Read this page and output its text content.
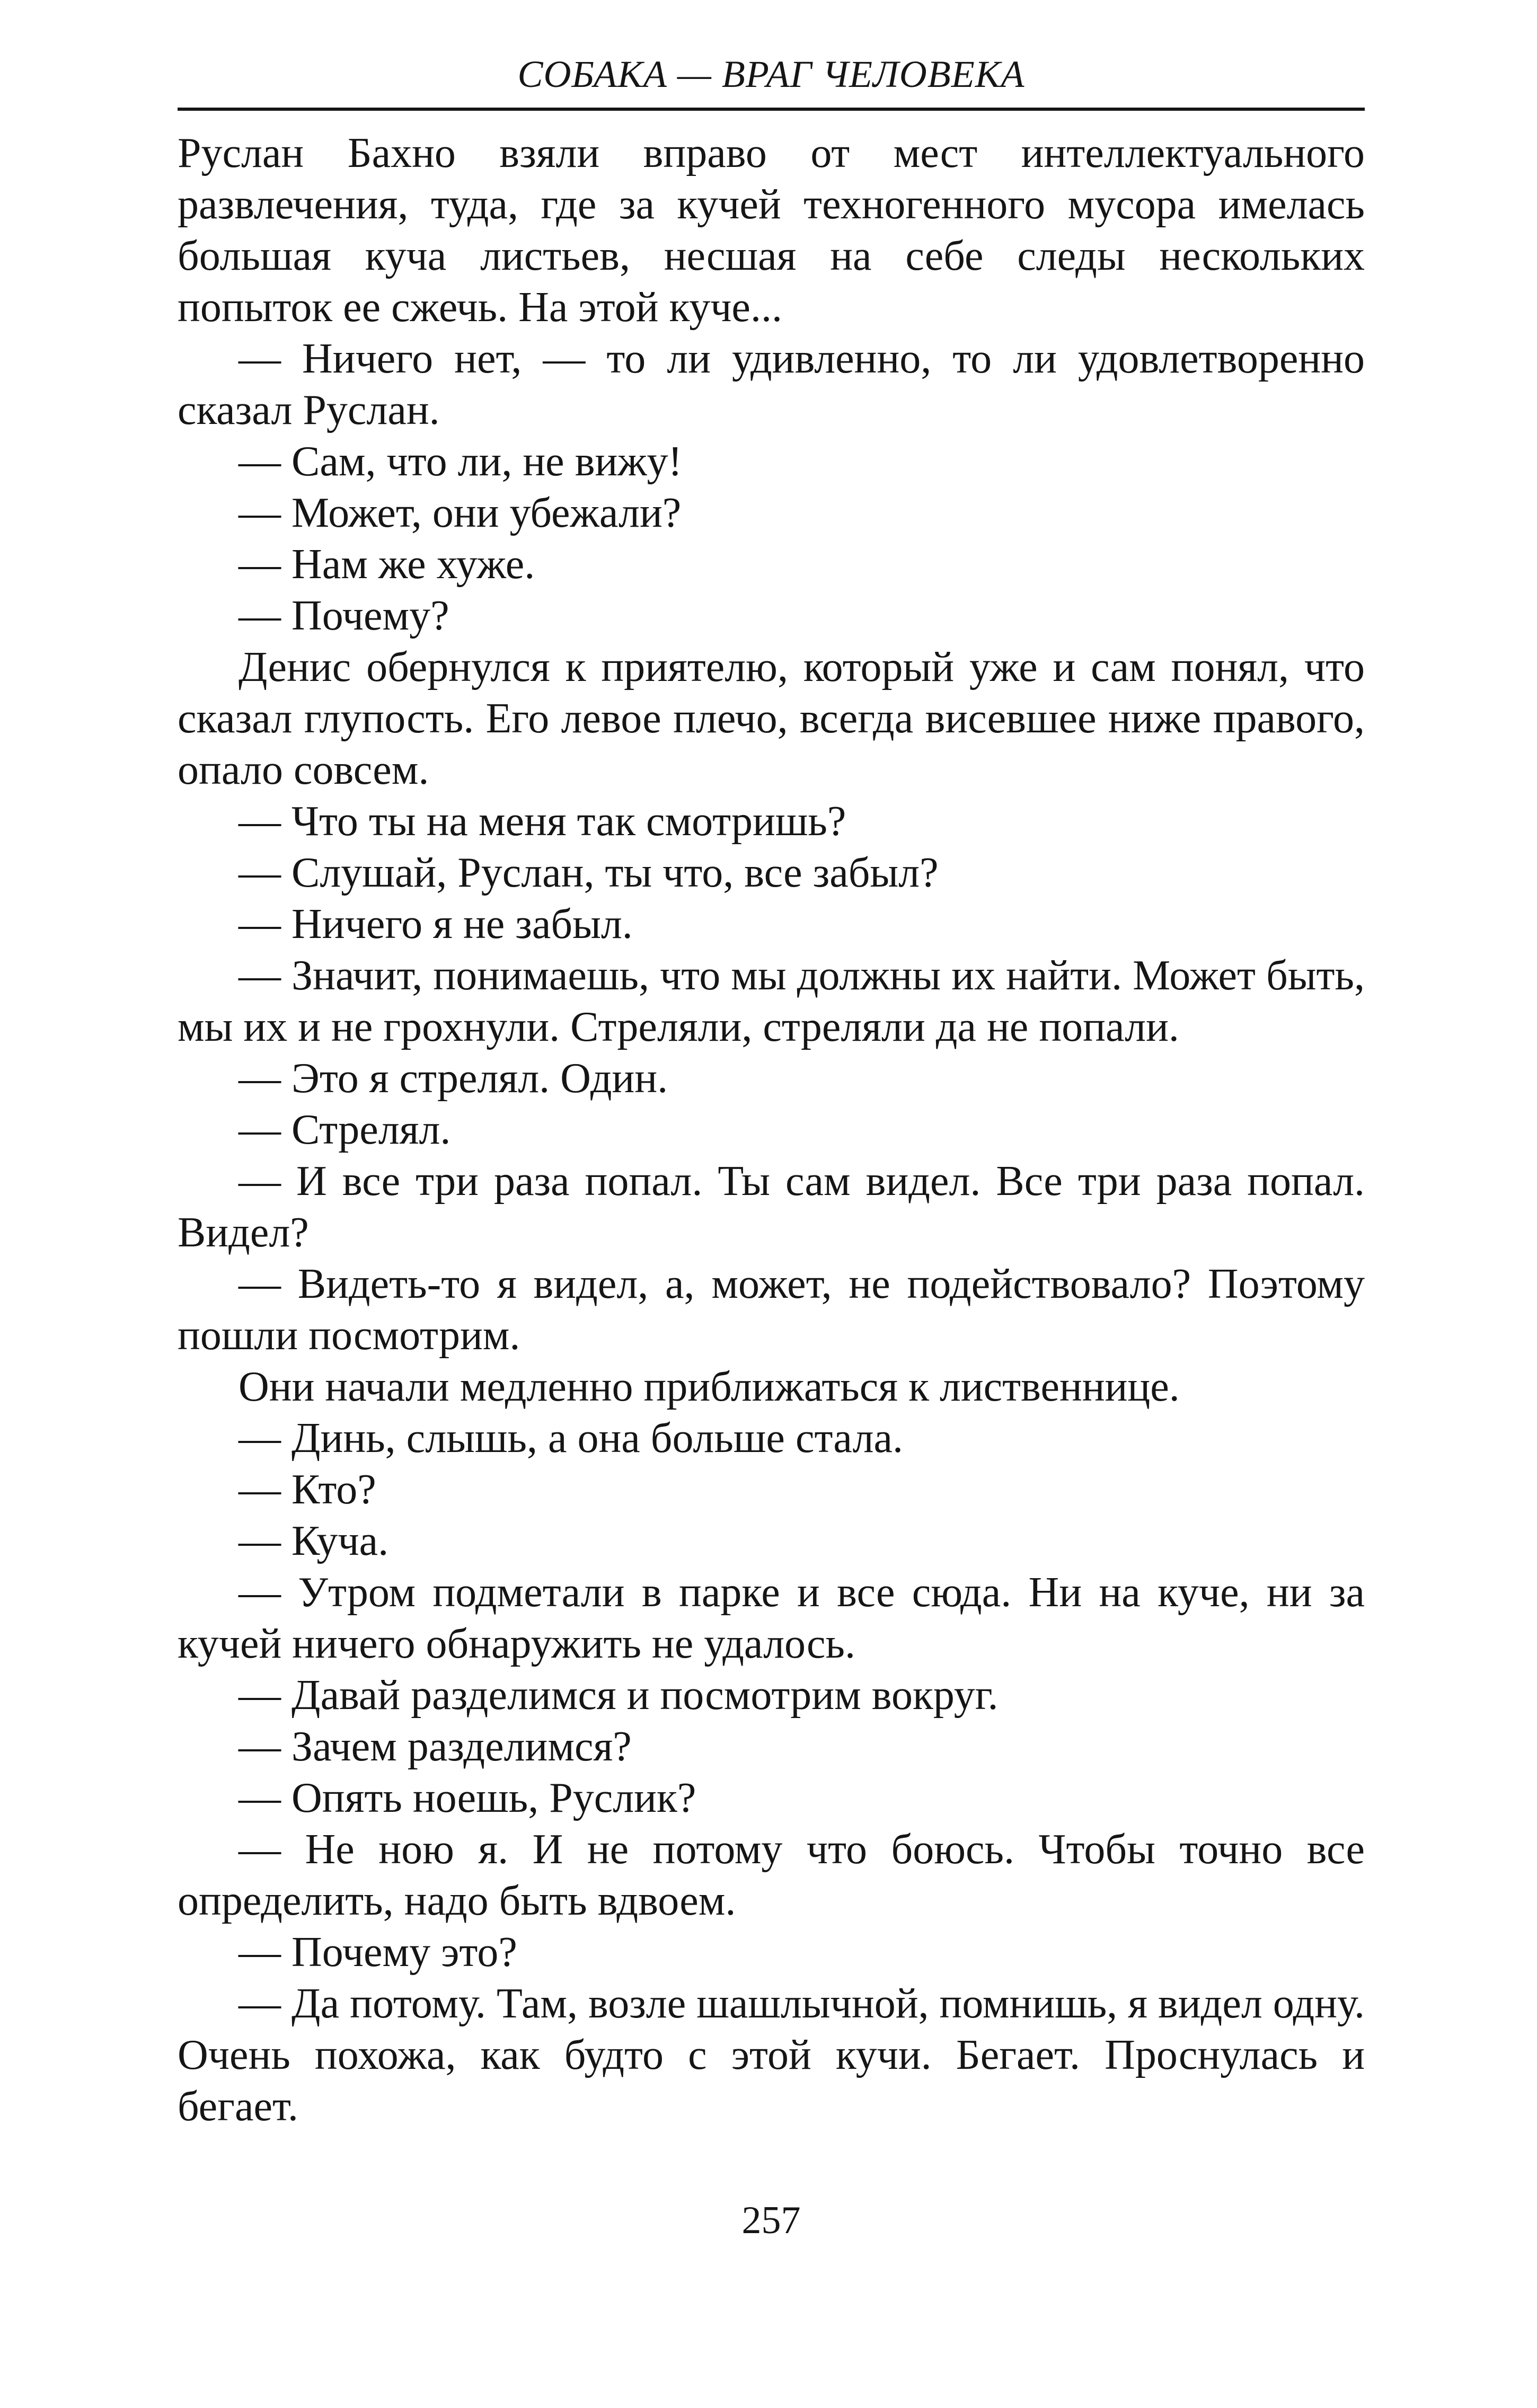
СОБАКА — ВРАГ ЧЕЛОВЕКА

Руслан Бахно взяли вправо от мест интеллектуального развлечения, туда, где за кучей техногенного мусора имелась большая куча листьев, несшая на себе следы нескольких попыток ее сжечь. На этой куче...

— Ничего нет, — то ли удивленно, то ли удовлетворенно сказал Руслан.

— Сам, что ли, не вижу!

— Может, они убежали?

— Нам же хуже.

— Почему?

Денис обернулся к приятелю, который уже и сам понял, что сказал глупость. Его левое плечо, всегда висевшее ниже правого, опало совсем.

— Что ты на меня так смотришь?

— Слушай, Руслан, ты что, все забыл?

— Ничего я не забыл.

— Значит, понимаешь, что мы должны их найти. Может быть, мы их и не грохнули. Стреляли, стреляли да не попали.

— Это я стрелял. Один.

— Стрелял.

— И все три раза попал. Ты сам видел. Все три раза попал. Видел?

— Видеть-то я видел, а, может, не подействовало? Поэтому пошли посмотрим.

Они начали медленно приближаться к лиственнице.

— Динь, слышь, а она больше стала.

— Кто?

— Куча.

— Утром подметали в парке и все сюда. Ни на куче, ни за кучей ничего обнаружить не удалось.

— Давай разделимся и посмотрим вокруг.

— Зачем разделимся?

— Опять ноешь, Руслик?

— Не ною я. И не потому что боюсь. Чтобы точно все определить, надо быть вдвоем.

— Почему это?

— Да потому. Там, возле шашлычной, помнишь, я видел одну. Очень похожа, как будто с этой кучи. Бегает. Проснулась и бегает.

257
